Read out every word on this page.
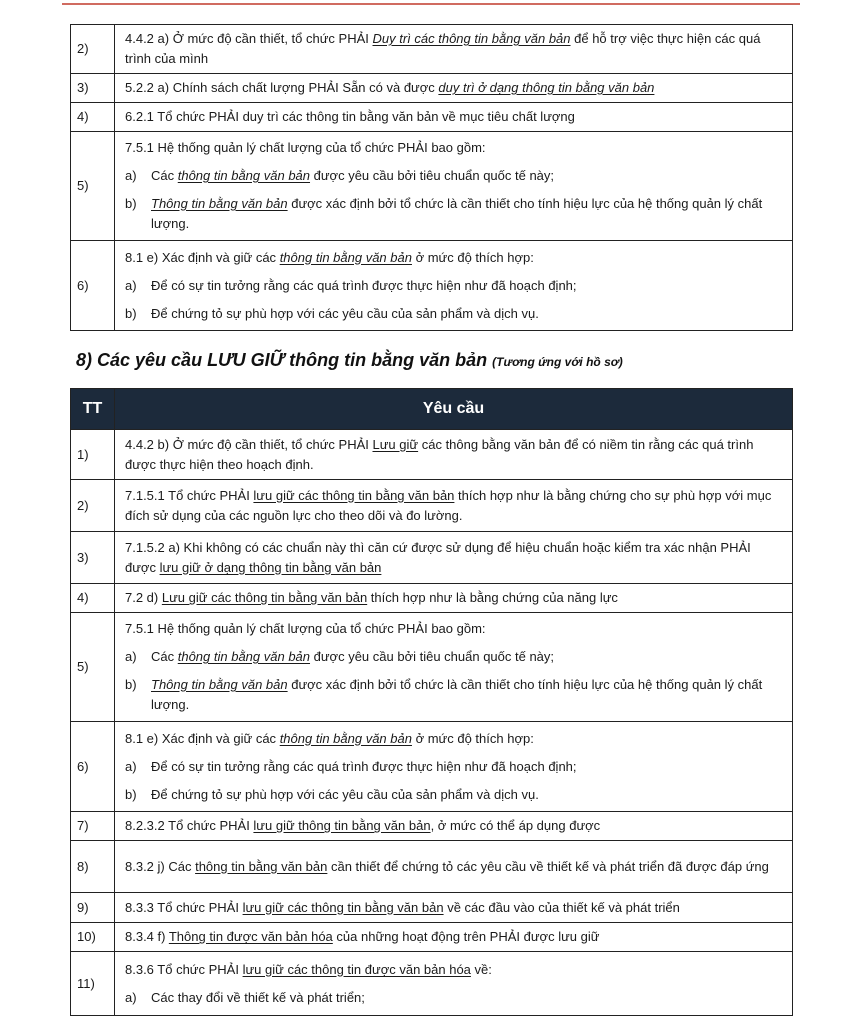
2)	4.4.2 a) Ở mức độ cần thiết, tổ chức PHẢI Duy trì các thông tin bằng văn bản để hỗ trợ việc thực hiện các quá trình của mình
3)	5.2.2 a) Chính sách chất lượng PHẢI Sẵn có và được duy trì ở dạng thông tin bằng văn bản
4)	6.2.1 Tổ chức PHẢI duy trì các thông tin bằng văn bản về mục tiêu chất lượng
5)	7.5.1 Hệ thống quản lý chất lượng của tổ chức PHẢI bao gồm:

a) Các thông tin bằng văn bản được yêu cầu bởi tiêu chuẩn quốc tế này;

b) Thông tin bằng văn bản được xác định bởi tổ chức là cần thiết cho tính hiệu lực của hệ thống quản lý chất lượng.

6)	8.1 e) Xác định và giữ các thông tin bằng văn bản ở mức độ thích hợp:

a) Để có sự tin tưởng rằng các quá trình được thực hiện như đã hoạch định;

b) Để chứng tỏ sự phù hợp với các yêu cầu của sản phẩm và dịch vụ.

8) Các yêu cầu LƯU GIỮ thông tin bằng văn bản (Tương ứng với hồ sơ)
TT	Yêu cầu
1)	4.4.2 b) Ở mức độ cần thiết, tổ chức PHẢI Lưu giữ các thông bằng văn bản để có niềm tin rằng các quá trình được thực hiện theo hoạch định.
2)	7.1.5.1 Tổ chức PHẢI lưu giữ các thông tin bằng văn bản thích hợp như là bằng chứng cho sự phù hợp với mục đích sử dụng của các nguồn lực cho theo dõi và đo lường.
3)	7.1.5.2 a) Khi không có các chuẩn này thì căn cứ được sử dụng để hiệu chuẩn hoặc kiểm tra xác nhận PHẢI được lưu giữ ở dạng thông tin bằng văn bản
4)	7.2 d) Lưu giữ các thông tin bằng văn bản thích hợp như là bằng chứng của năng lực
5)	7.5.1 Hệ thống quản lý chất lượng của tổ chức PHẢI bao gồm:

a) Các thông tin bằng văn bản được yêu cầu bởi tiêu chuẩn quốc tế này;

b) Thông tin bằng văn bản được xác định bởi tổ chức là cần thiết cho tính hiệu lực của hệ thống quản lý chất lượng.

6)	8.1 e) Xác định và giữ các thông tin bằng văn bản ở mức độ thích hợp:

a) Để có sự tin tưởng rằng các quá trình được thực hiện như đã hoạch định;

b) Để chứng tỏ sự phù hợp với các yêu cầu của sản phẩm và dịch vụ.

7)	8.2.3.2 Tổ chức PHẢI lưu giữ thông tin bằng văn bản, ở mức có thể áp dụng được
8)	8.3.2 j) Các thông tin bằng văn bản cần thiết để chứng tỏ các yêu cầu về thiết kế và phát triển đã được đáp ứng
9)	8.3.3 Tổ chức PHẢI lưu giữ các thông tin bằng văn bản về các đầu vào của thiết kế và phát triển
10)	8.3.4 f) Thông tin được văn bản hóa của những hoạt động trên PHẢI được lưu giữ
11)	8.3.6 Tổ chức PHẢI lưu giữ các thông tin được văn bản hóa về:

a) Các thay đổi về thiết kế và phát triển;
